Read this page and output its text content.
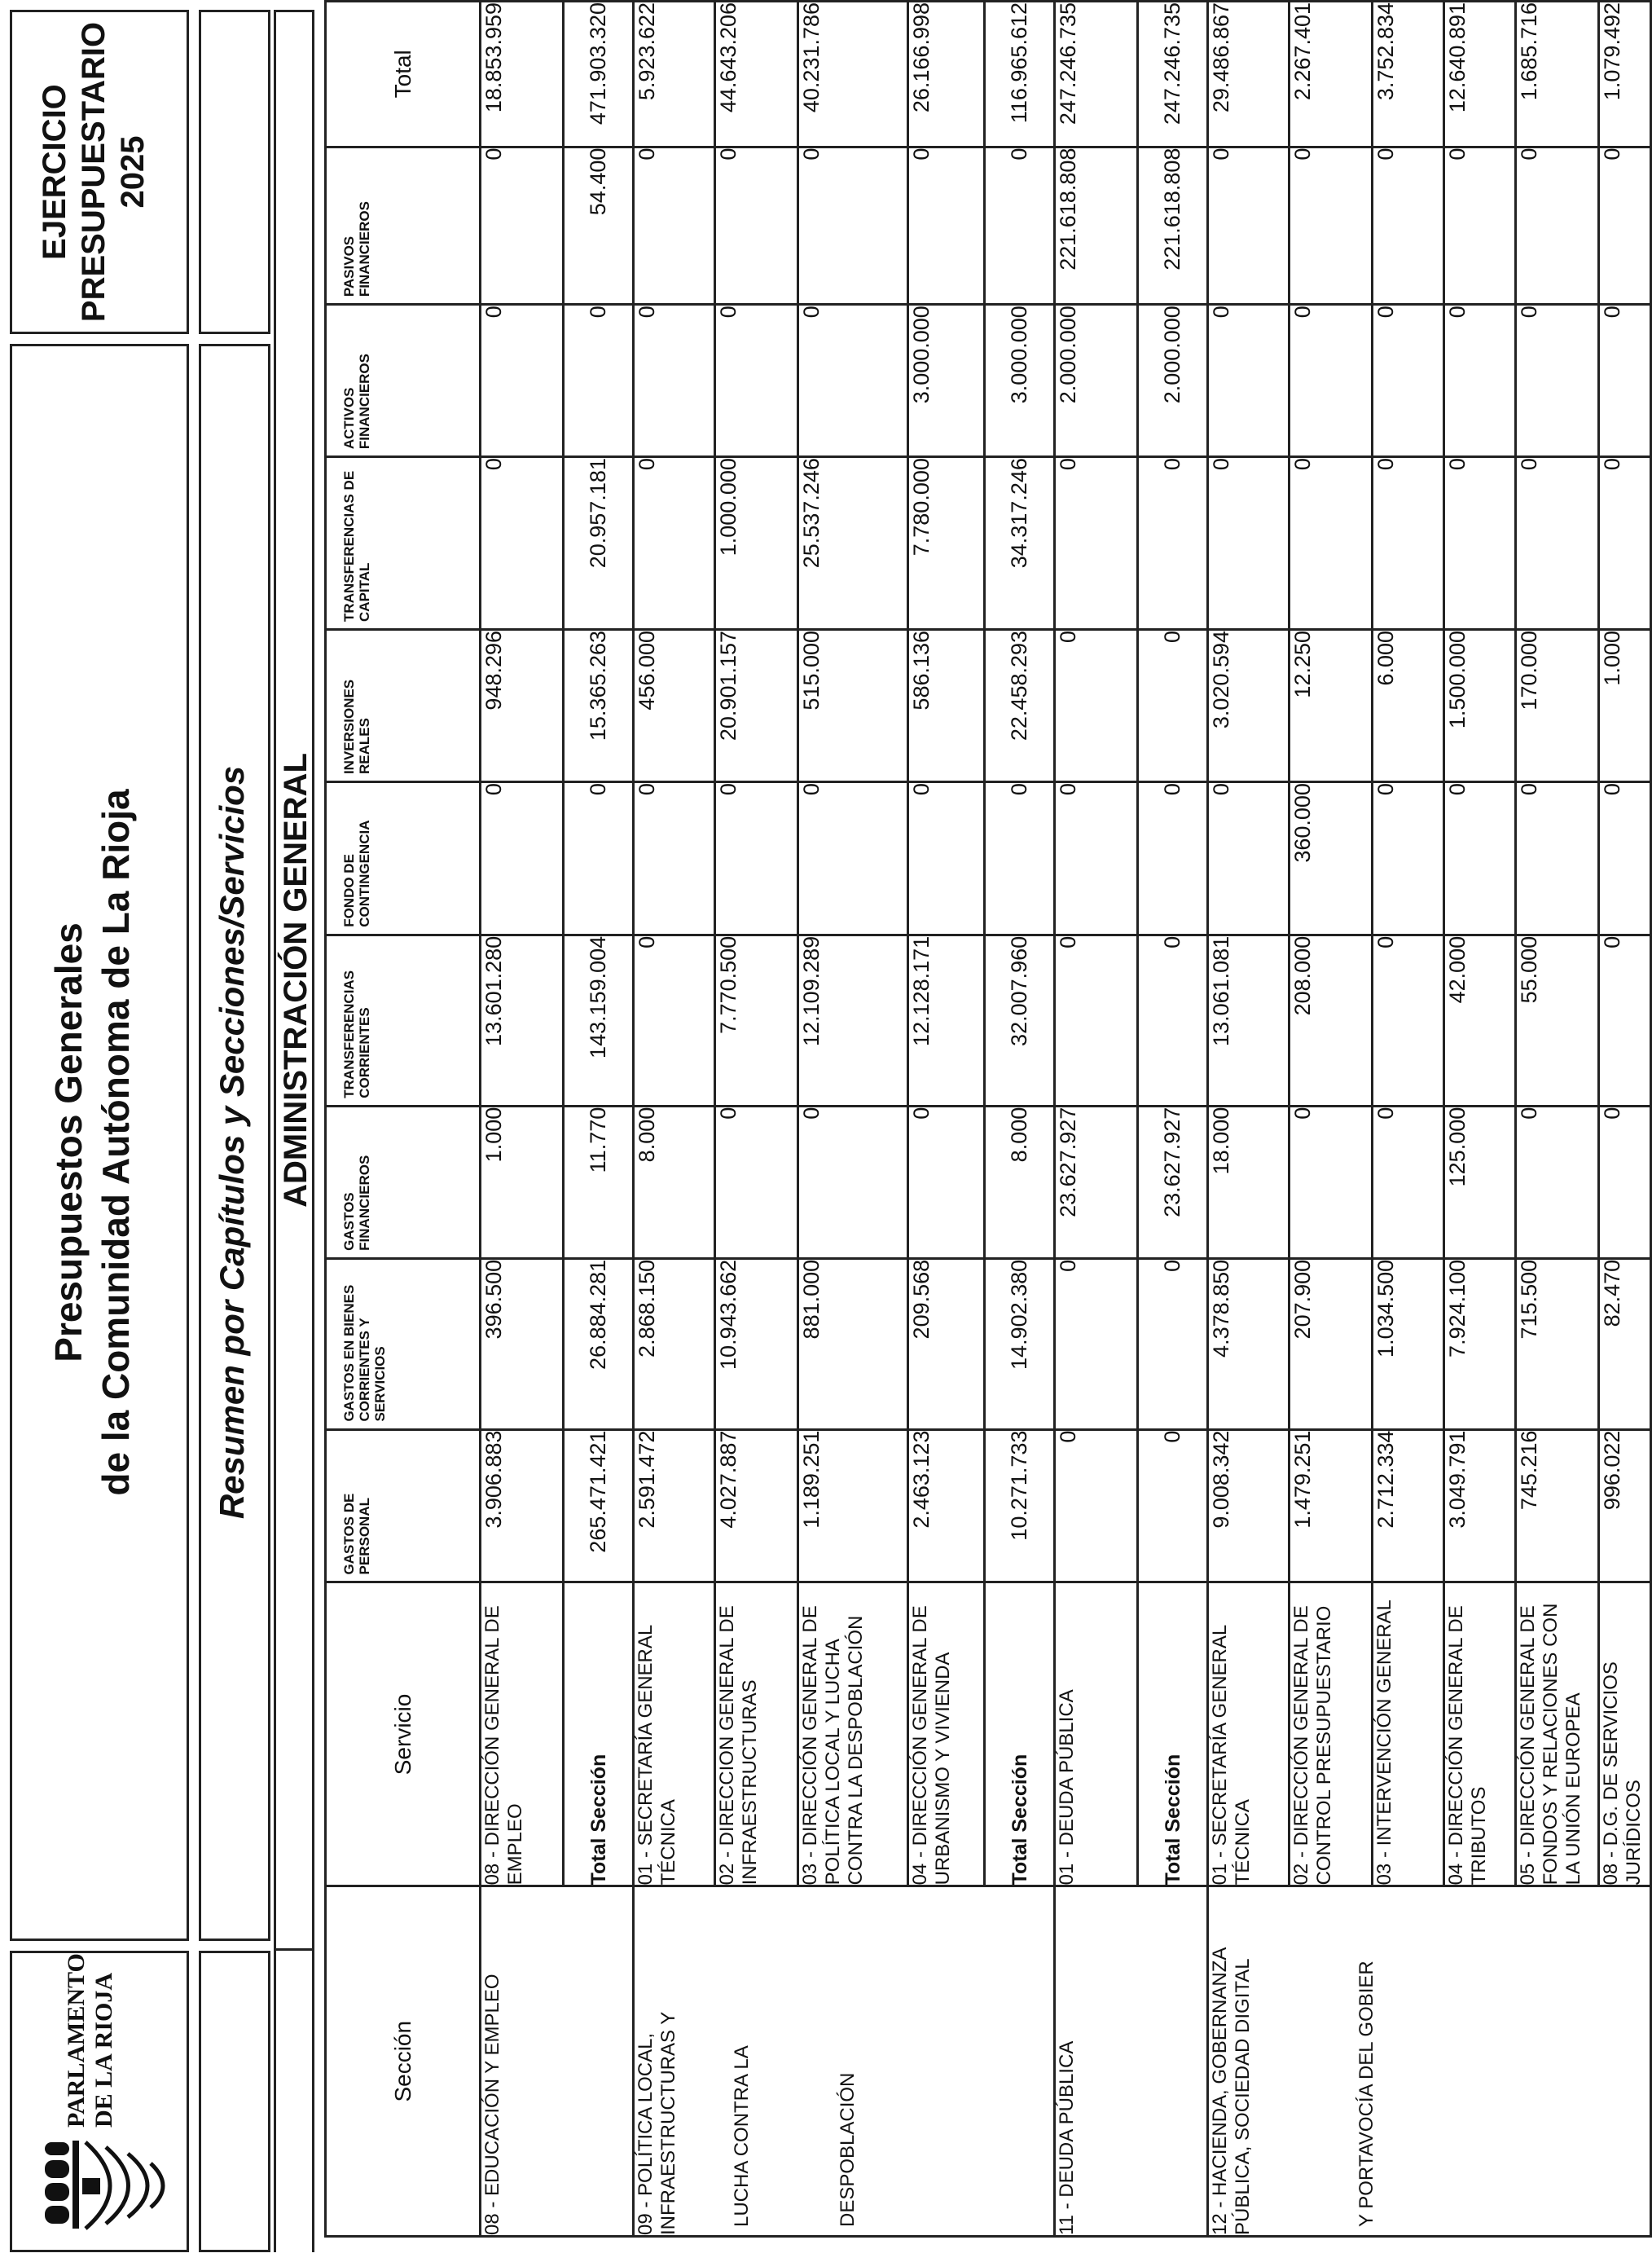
PARLAMENTO DE LA RIOJA
Presupuestos Generales de la Comunidad Autónoma de La Rioja
EJERCICIO PRESUPUESTARIO 2025
Resumen por Capítulos y Secciones/Servicios ADMINISTRACIÓN GENERAL
Sección	Servicio	GASTOS DE PERSONAL	GASTOS EN BIENES CORRIENTES Y SERVICIOS	GASTOS FINANCIEROS	TRANSFERENCIAS CORRIENTES	FONDO DE CONTINGENCIA	INVERSIONES REALES	TRANSFERENCIAS DE CAPITAL	ACTIVOS FINANCIEROS	PASIVOS FINANCIEROS	Total
08 - EDUCACIÓN Y EMPLEO	08 - DIRECCIÓN GENERAL DE EMPLEO	3.906.883	396.500	1.000	13.601.280	0	948.296	0	0	0	18.853.959
	Total Sección	265.471.421	26.884.281	11.770	143.159.004	0	15.365.263	20.957.181	0	54.400	471.903.320

09 - POLÍTICA LOCAL, INFRAESTRUCTURAS Y LUCHA CONTRA LA DESPOBLACIÓN	01 - SECRETARÍA GENERAL TÉCNICA	2.591.472	2.868.150	8.000	0	0	456.000	0	0	0	5.923.622
	02 - DIRECCION GENERAL DE INFRAESTRUCTURAS	4.027.887	10.943.662	0	7.770.500	0	20.901.157	1.000.000	0	0	44.643.206
	03 - DIRECCIÓN GENERAL DE POLÍTICA LOCAL Y LUCHA CONTRA LA DESPOBLACIÓN	1.189.251	881.000	0	12.109.289	0	515.000	25.537.246	0	0	40.231.786
	04 - DIRECCIÓN GENERAL DE URBANISMO Y VIVIENDA	2.463.123	209.568	0	12.128.171	0	586.136	7.780.000	3.000.000	0	26.166.998
	Total Sección	10.271.733	14.902.380	8.000	32.007.960	0	22.458.293	34.317.246	3.000.000	0	116.965.612
11 - DEUDA PÚBLICA	01 - DEUDA PÚBLICA	0	0	23.627.927	0	0	0	0	2.000.000	221.618.808	247.246.735
	Total Sección	0	0	23.627.927	0	0	0	0	2.000.000	221.618.808	247.246.735

12 - HACIENDA, GOBERNANZA PÚBLICA, SOCIEDAD DIGITAL Y PORTAVOCÍA DEL GOBIER	01 - SECRETARÍA GENERAL TÉCNICA	9.008.342	4.378.850	18.000	13.061.081	0	3.020.594	0	0	0	29.486.867
	02 - DIRECCIÓN GENERAL DE CONTROL PRESUPUESTARIO	1.479.251	207.900	0	208.000	360.000	12.250	0	0	0	2.267.401
	03 - INTERVENCIÓN GENERAL	2.712.334	1.034.500	0	0	0	6.000	0	0	0	3.752.834
	04 - DIRECCIÓN GENERAL DE TRIBUTOS	3.049.791	7.924.100	125.000	42.000	0	1.500.000	0	0	0	12.640.891
	05 - DIRECCIÓN GENERAL DE FONDOS Y RELACIONES CON LA UNIÓN EUROPEA	745.216	715.500	0	55.000	0	170.000	0	0	0	1.685.716
	08 - D.G. DE SERVICIOS JURÍDICOS	996.022	82.470	0	0	0	1.000	0	0	0	1.079.492
